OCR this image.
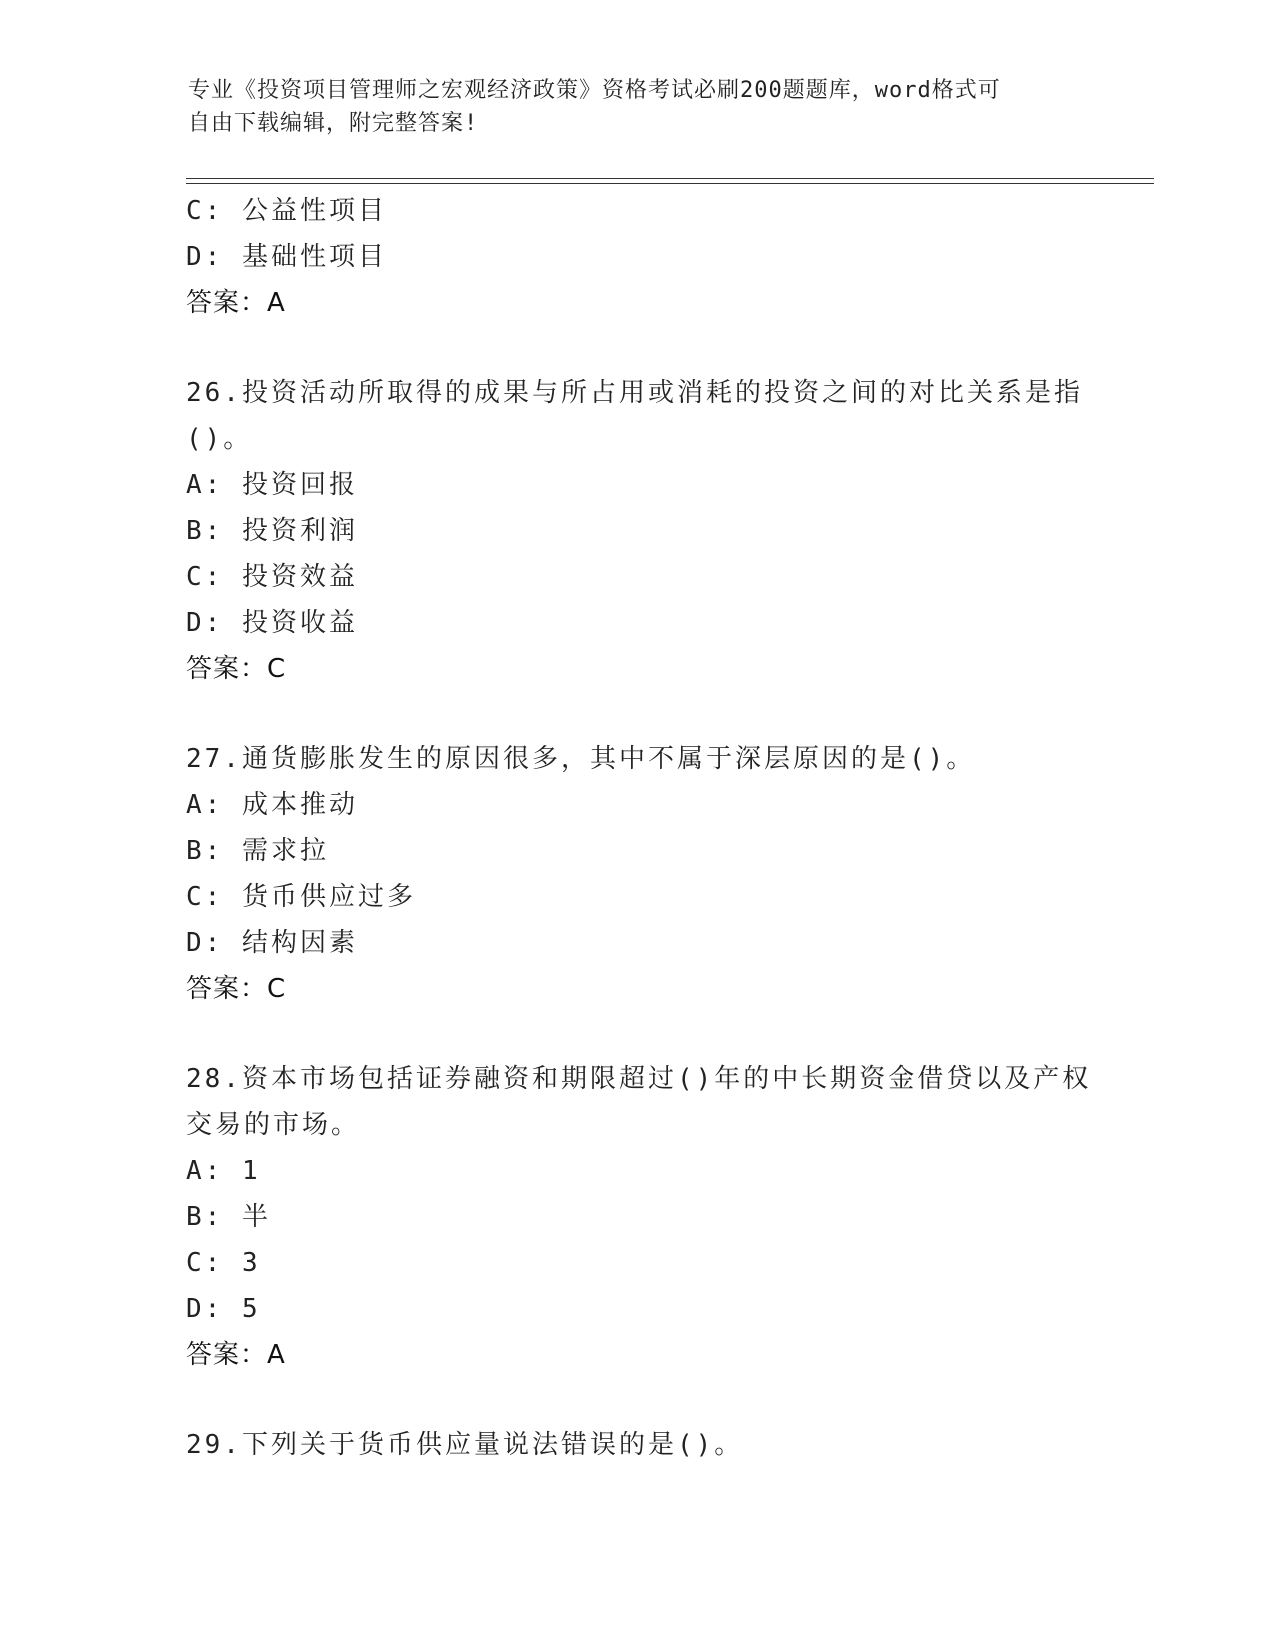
专业《投资项目管理师之宏观经济政策》资格考试必刷200题题库，word格式可
自由下载编辑，附完整答案!
C: 公益性项目
D: 基础性项目
答案：A
26.投资活动所取得的成果与所占用或消耗的投资之间的对比关系是指
()。
A: 投资回报
B: 投资利润
C: 投资效益
D: 投资收益
答案：C
27.通货膨胀发生的原因很多，其中不属于深层原因的是()。
A: 成本推动
B: 需求拉
C: 货币供应过多
D: 结构因素
答案：C
28.资本市场包括证券融资和期限超过()年的中长期资金借贷以及产权
交易的市场。
A: 1
B: 半
C: 3
D: 5
答案：A
29.下列关于货币供应量说法错误的是()。
